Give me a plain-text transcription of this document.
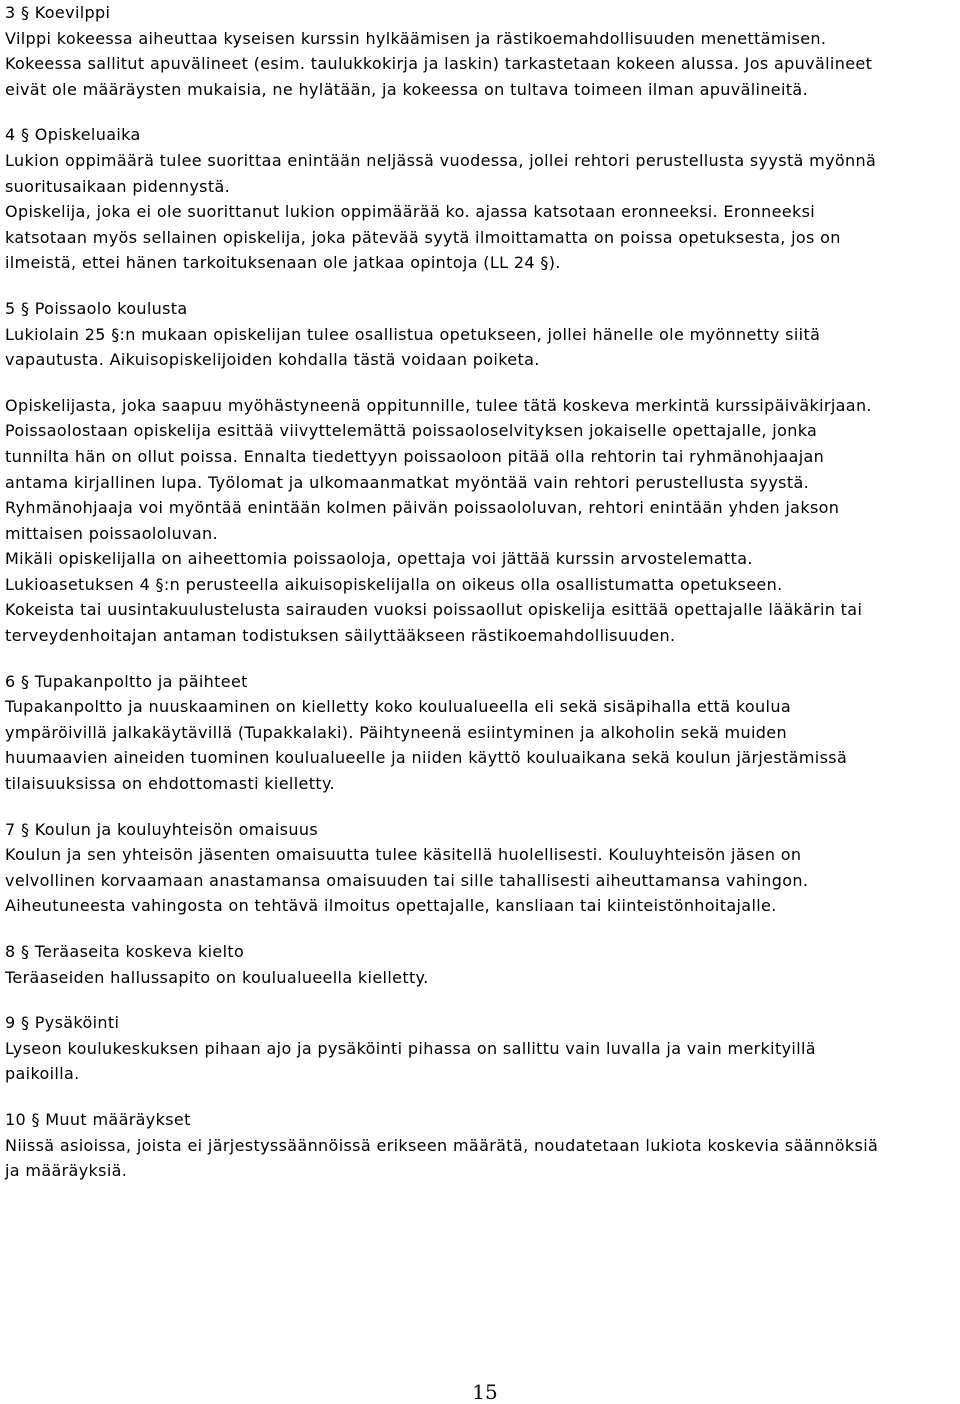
3 § Koevilppi
Vilppi kokeessa aiheuttaa kyseisen kurssin hylkäämisen ja rästikoemahdollisuuden menettämisen.
Kokeessa sallitut apuvälineet (esim. taulukkokirja ja laskin) tarkastetaan kokeen alussa. Jos apuvälineet
eivät ole määräysten mukaisia, ne hylätään, ja kokeessa on tultava toimeen ilman apuvälineitä.
4 § Opiskeluaika
Lukion oppimäärä tulee suorittaa enintään neljässä vuodessa, jollei rehtori perustellusta syystä myönnä
suoritusaikaan pidennystä.
Opiskelija, joka ei ole suorittanut lukion oppimäärää ko. ajassa katsotaan eronneeksi. Eronneeksi
katsotaan myös sellainen opiskelija, joka pätevää syytä ilmoittamatta on poissa opetuksesta, jos on
ilmeistä, ettei hänen tarkoituksenaan ole jatkaa opintoja (LL 24 §).
5 § Poissaolo koulusta
Lukiolain 25 §:n mukaan opiskelijan tulee osallistua opetukseen, jollei hänelle ole myönnetty siitä
vapautusta. Aikuisopiskelijoiden kohdalla tästä voidaan poiketa.
Opiskelijasta, joka saapuu myöhästyneenä oppitunnille, tulee tätä koskeva merkintä kurssipäiväkirjaan.
Poissaolostaan opiskelija esittää viivyttelemättä poissaoloselvityksen jokaiselle opettajalle, jonka
tunnilta hän on ollut poissa. Ennalta tiedettyyn poissaoloon pitää olla rehtorin tai ryhmänohjaajan
antama kirjallinen lupa. Työlomat ja ulkomaanmatkat myöntää vain rehtori perustellusta syystä.
Ryhmänohjaaja voi myöntää enintään kolmen päivän poissaololuvan, rehtori enintään yhden jakson
mittaisen poissaololuvan.
Mikäli opiskelijalla on aiheettomia poissaoloja, opettaja voi jättää kurssin arvostelematta.
Lukioasetuksen 4 §:n perusteella aikuisopiskelijalla on oikeus olla osallistumatta opetukseen.
Kokeista tai uusintakuulustelusta sairauden vuoksi poissaollut opiskelija esittää opettajalle lääkärin tai
terveydenhoitajan antaman todistuksen säilyttääkseen rästikoemahdollisuuden.
6 § Tupakanpoltto ja päihteet
Tupakanpoltto ja nuuskaaminen on kielletty koko koulualueella eli sekä sisäpihalla että koulua
ympäröivillä jalkakäytävillä (Tupakkalaki). Päihtyneenä esiintyminen ja alkoholin sekä muiden
huumaavien aineiden tuominen koulualueelle ja niiden käyttö kouluaikana sekä koulun järjestämissä
tilaisuuksissa on ehdottomasti kielletty.
7 § Koulun ja kouluyhteisön omaisuus
Koulun ja sen yhteisön jäsenten omaisuutta tulee käsitellä huolellisesti. Kouluyhteisön jäsen on
velvollinen korvaamaan anastamansa omaisuuden tai sille tahallisesti aiheuttamansa vahingon.
Aiheutuneesta vahingosta on tehtävä ilmoitus opettajalle, kansliaan tai kiinteistönhoitajalle.
8 § Teräaseita koskeva kielto
Teräaseiden hallussapito on koulualueella kielletty.
9 § Pysäköinti
Lyseon koulukeskuksen pihaan ajo ja pysäköinti pihassa on sallittu vain luvalla ja vain merkityillä
paikoilla.
10 § Muut määräykset
Niissä asioissa, joista ei järjestyssäännöissä erikseen määrätä, noudatetaan lukiota koskevia säännöksiä
ja määräyksiä.
15
